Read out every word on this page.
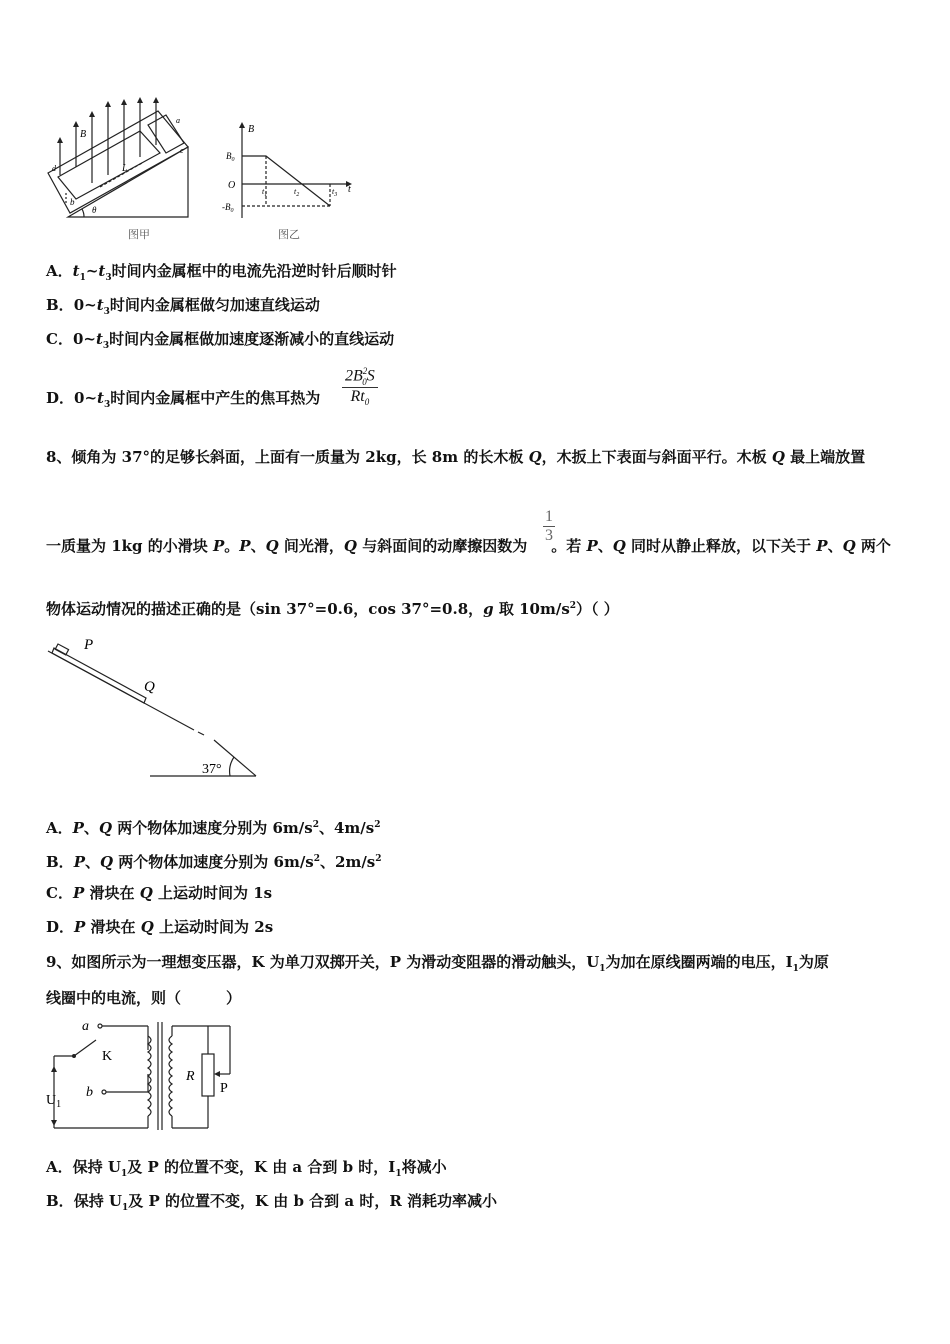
B
L
b
θ
a
c
d
图甲
B
$B_0$
O
$-B_0$
$t_1$	$t_2$	$t_3$ t
图乙
A．$t_1\sim t_3$时间内金属框中的电流先沿逆时针后顺时针
B．$0\sim t_3$时间内金属框做匀加速直线运动
C．$0\sim t_3$时间内金属框做加速度逐渐减小的直线运动
D．$0\sim t_3$时间内金属框中产生的焦耳热为 $\frac{2B^2_0S}{Rt_0}$
8、倾角为 37°的足够长斜面，上面有一质量为 2kg，长 8m 的长木板 Q，木扳上下表面与斜面平行。木板 Q 最上端放置
一质量为 1kg 的小滑块 P。P、Q 间光滑，Q 与斜面间的动摩擦因数为 。若 P、Q 同时从静止释放，以下关于 P、Q 两个
1
3
物体运动情况的描述正确的是（sin 37°=0.6，cos 37°=0.8，g 取 $10m/s^2$）（ ）
P
Q
37°
A．P、Q 两个物体加速度分别为 $6m/s^2$、$4m/s^2$
B．P、Q 两个物体加速度分别为 $6m/s^2$、$2m/s^2$
C．P 滑块在 Q 上运动时间为 1s
D．P 滑块在 Q 上运动时间为 2s
9、如图所示为一理想变压器，K 为单刀双掷开关，P 为滑动变阻器的滑动触头，$U_1$为加在原线圈两端的电压，$I_1$为原
线圈中的电流，则（　　　）
a
K
b
$U_1$
R
P
A．保持 $U_1$及 P 的位置不变，K 由 a 合到 b 时，$I_1$将减小
B．保持 $U_1$及 P 的位置不变，K 由 b 合到 a 时，R 消耗功率减小
